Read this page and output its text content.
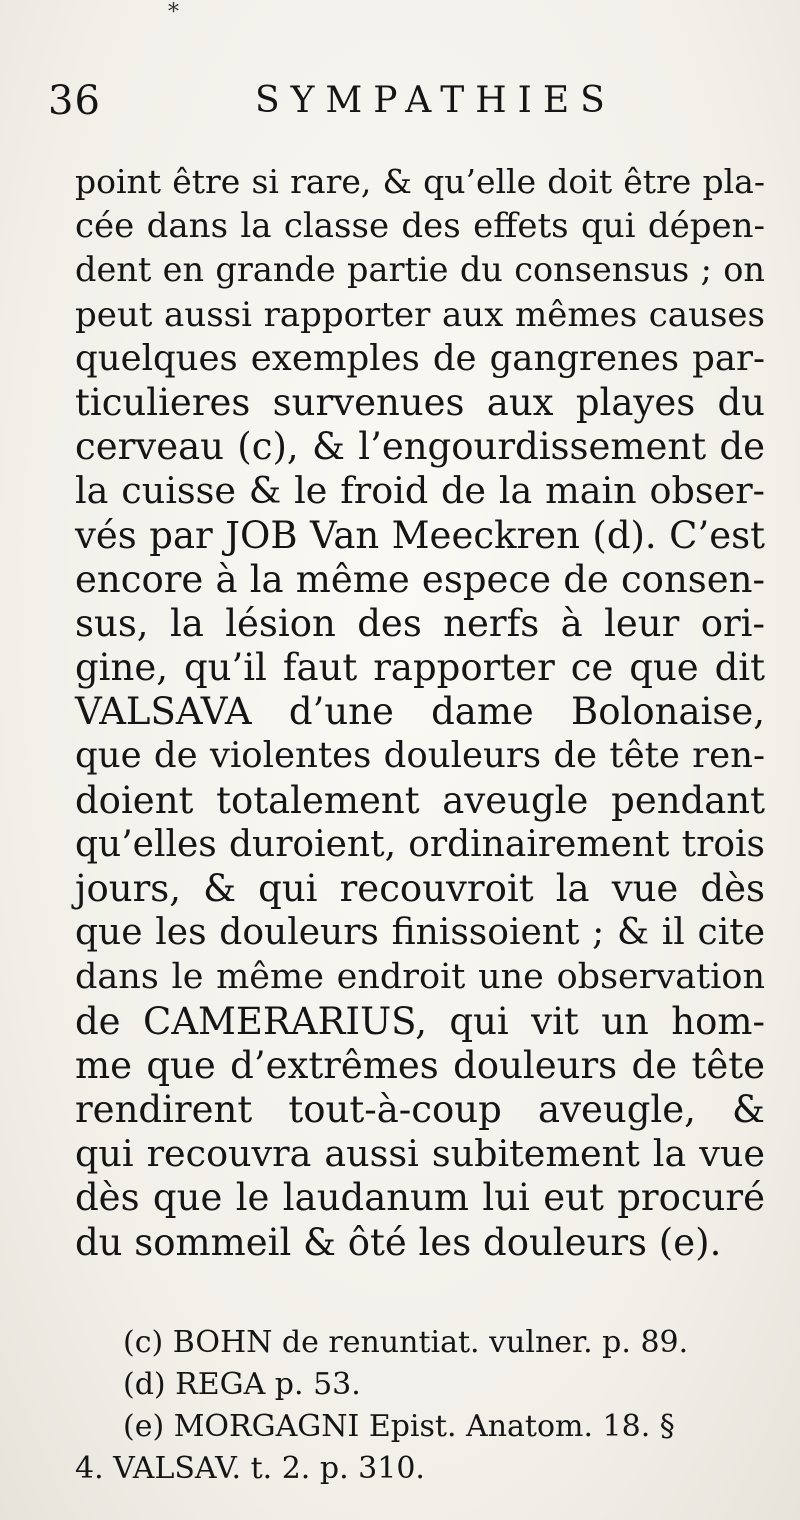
*
36	SYMPATHIES
point être si rare, & qu’elle doit être pla-
cée dans la classe des effets qui dépen-
dent en grande partie du consensus ; on
peut aussi rapporter aux mêmes causes
quelques exemples de gangrenes par-
ticulieres survenues aux playes du
cerveau (c), & l’engourdissement de
la cuisse & le froid de la main obser-
vés par JOB Van Meeckren (d). C’est
encore à la même espece de consen-
sus, la lésion des nerfs à leur ori-
gine, qu’il faut rapporter ce que dit
VALSAVA d’une dame Bolonaise,
que de violentes douleurs de tête ren-
doient totalement aveugle pendant
qu’elles duroient, ordinairement trois
jours, & qui recouvroit la vue dès
que les douleurs finissoient ; & il cite
dans le même endroit une observation
de CAMERARIUS, qui vit un hom-
me que d’extrêmes douleurs de tête
rendirent tout-à-coup aveugle, &
qui recouvra aussi subitement la vue
dès que le laudanum lui eut procuré
du sommeil & ôté les douleurs (e).
(c) BOHN de renuntiat. vulner. p. 89.
(d) REGA p. 53.
(e) MORGAGNI Epist. Anatom. 18. §
4. VALSAV. t. 2. p. 310.
